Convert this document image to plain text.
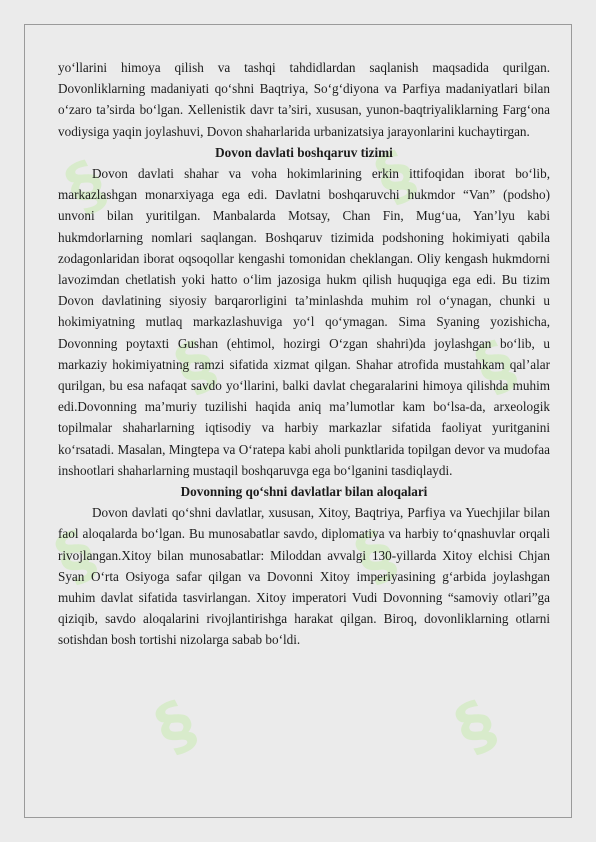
§	§
§	§
§	§
§	§

yo‘llarini himoya qilish va tashqi tahdidlardan saqlanish maqsadida qurilgan. Dovonliklarning madaniyati qo‘shni Baqtriya, So‘g‘diyona va Parfiya madaniyatlari bilan o‘zaro ta’sirda bo‘lgan. Xellenistik davr ta’siri, xususan, yunon-baqtriyaliklarning Farg‘ona vodiysiga yaqin joylashuvi, Dovon shaharlarida urbanizatsiya jarayonlarini kuchaytirgan.

Dovon davlati boshqaruv tizimi

Dovon davlati shahar va voha hokimlarining erkin ittifoqidan iborat bo‘lib, markazlashgan monarxiyaga ega edi. Davlatni boshqaruvchi hukmdor “Van” (podsho) unvoni bilan yuritilgan. Manbalarda Motsay, Chan Fin, Mug‘ua, Yan’lyu kabi hukmdorlarning nomlari saqlangan. Boshqaruv tizimida podshoning hokimiyati qabila zodagonlaridan iborat oqsoqollar kengashi tomonidan cheklangan. Oliy kengash hukmdorni lavozimdan chetlatish yoki hatto o‘lim jazosiga hukm qilish huquqiga ega edi. Bu tizim Dovon davlatining siyosiy barqarorligini ta’minlashda muhim rol o‘ynagan, chunki u hokimiyatning mutlaq markazlashuviga yo‘l qo‘ymagan. Sima Syaning yozishicha, Dovonning poytaxti Gushan (ehtimol, hozirgi O‘zgan shahri)da joylashgan bo‘lib, u markaziy hokimiyatning ramzi sifatida xizmat qilgan. Shahar atrofida mustahkam qal’alar qurilgan, bu esa nafaqat savdo yo‘llarini, balki davlat chegaralarini himoya qilishda muhim edi.Dovonning ma’muriy tuzilishi haqida aniq ma’lumotlar kam bo‘lsa-da, arxeologik topilmalar shaharlarning iqtisodiy va harbiy markazlar sifatida faoliyat yuritganini ko‘rsatadi. Masalan, Mingtepa va O‘ratepa kabi aholi punktlarida topilgan devor va mudofaa inshootlari shaharlarning mustaqil boshqaruvga ega bo‘lganini tasdiqlaydi.

Dovonning qo‘shni davlatlar bilan aloqalari

Dovon davlati qo‘shni davlatlar, xususan, Xitoy, Baqtriya, Parfiya va Yuechjilar bilan faol aloqalarda bo‘lgan. Bu munosabatlar savdo, diplomatiya va harbiy to‘qnashuvlar orqali rivojlangan.Xitoy bilan munosabatlar: Miloddan avvalgi 130-yillarda Xitoy elchisi Chjan Syan O‘rta Osiyoga safar qilgan va Dovonni Xitoy imperiyasining g‘arbida joylashgan muhim davlat sifatida tasvirlangan. Xitoy imperatori Vudi Dovonning “samoviy otlari”ga qiziqib, savdo aloqalarini rivojlantirishga harakat qilgan. Biroq, dovonliklarning otlarni sotishdan bosh tortishi nizolarga sabab bo‘ldi.
